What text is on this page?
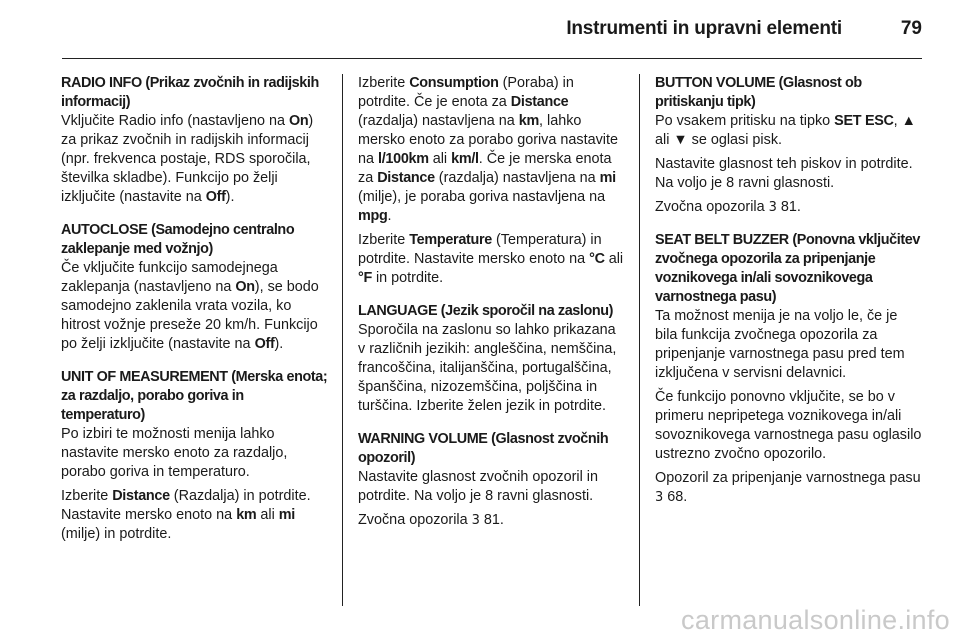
Instrumenti in upravni elementi	79
RADIO INFO (Prikaz zvočnih in radijskih informacij)

Vključite Radio info (nastavljeno na On) za prikaz zvočnih in radijskih informacij (npr. frekvenca postaje, RDS sporočila, številka skladbe). Funkcijo po želji izključite (nastavite na Off).

AUTOCLOSE (Samodejno centralno zaklepanje med vožnjo)

Če vključite funkcijo samodejnega zaklepanja (nastavljeno na On), se bodo samodejno zaklenila vrata vozila, ko hitrost vožnje preseže 20 km/h. Funkcijo po želji izključite (nastavite na Off).

UNIT OF MEASUREMENT (Merska enota; za razdaljo, porabo goriva in temperaturo)

Po izbiri te možnosti menija lahko nastavite mersko enoto za razdaljo, porabo goriva in temperaturo.

Izberite Distance (Razdalja) in potrdite. Nastavite mersko enoto na km ali mi (milje) in potrdite.

Izberite Consumption (Poraba) in potrdite. Če je enota za Distance (razdalja) nastavljena na km, lahko mersko enoto za porabo goriva nastavite na l/100km ali km/l. Če je merska enota za Distance (razdalja) nastavljena na mi (milje), je poraba goriva nastavljena na mpg.

Izberite Temperature (Temperatura) in potrdite. Nastavite mersko enoto na °C ali °F in potrdite.

LANGUAGE (Jezik sporočil na zaslonu)

Sporočila na zaslonu so lahko prikazana v različnih jezikih: angleščina, nemščina, francoščina, italijanščina, portugalščina, španščina, nizozemščina, poljščina in turščina. Izberite želen jezik in potrdite.

WARNING VOLUME (Glasnost zvočnih opozoril)

Nastavite glasnost zvočnih opozoril in potrdite. Na voljo je 8 ravni glasnosti.

Zvočna opozorila 3 81.

BUTTON VOLUME (Glasnost ob pritiskanju tipk)

Po vsakem pritisku na tipko SET ESC, ▲ ali ▼ se oglasi pisk.

Nastavite glasnost teh piskov in potrdite. Na voljo je 8 ravni glasnosti.

Zvočna opozorila 3 81.

SEAT BELT BUZZER (Ponovna vključitev zvočnega opozorila za pripenjanje voznikovega in/ali sovoznikovega varnostnega pasu)

Ta možnost menija je na voljo le, če je bila funkcija zvočnega opozorila za pripenjanje varnostnega pasu pred tem izključena v servisni delavnici.

Če funkcijo ponovno vključite, se bo v primeru nepripetega voznikovega in/ali sovoznikovega varnostnega pasu oglasilo ustrezno zvočno opozorilo.

Opozoril za pripenjanje varnostnega pasu 3 68.

carmanualsonline.info
